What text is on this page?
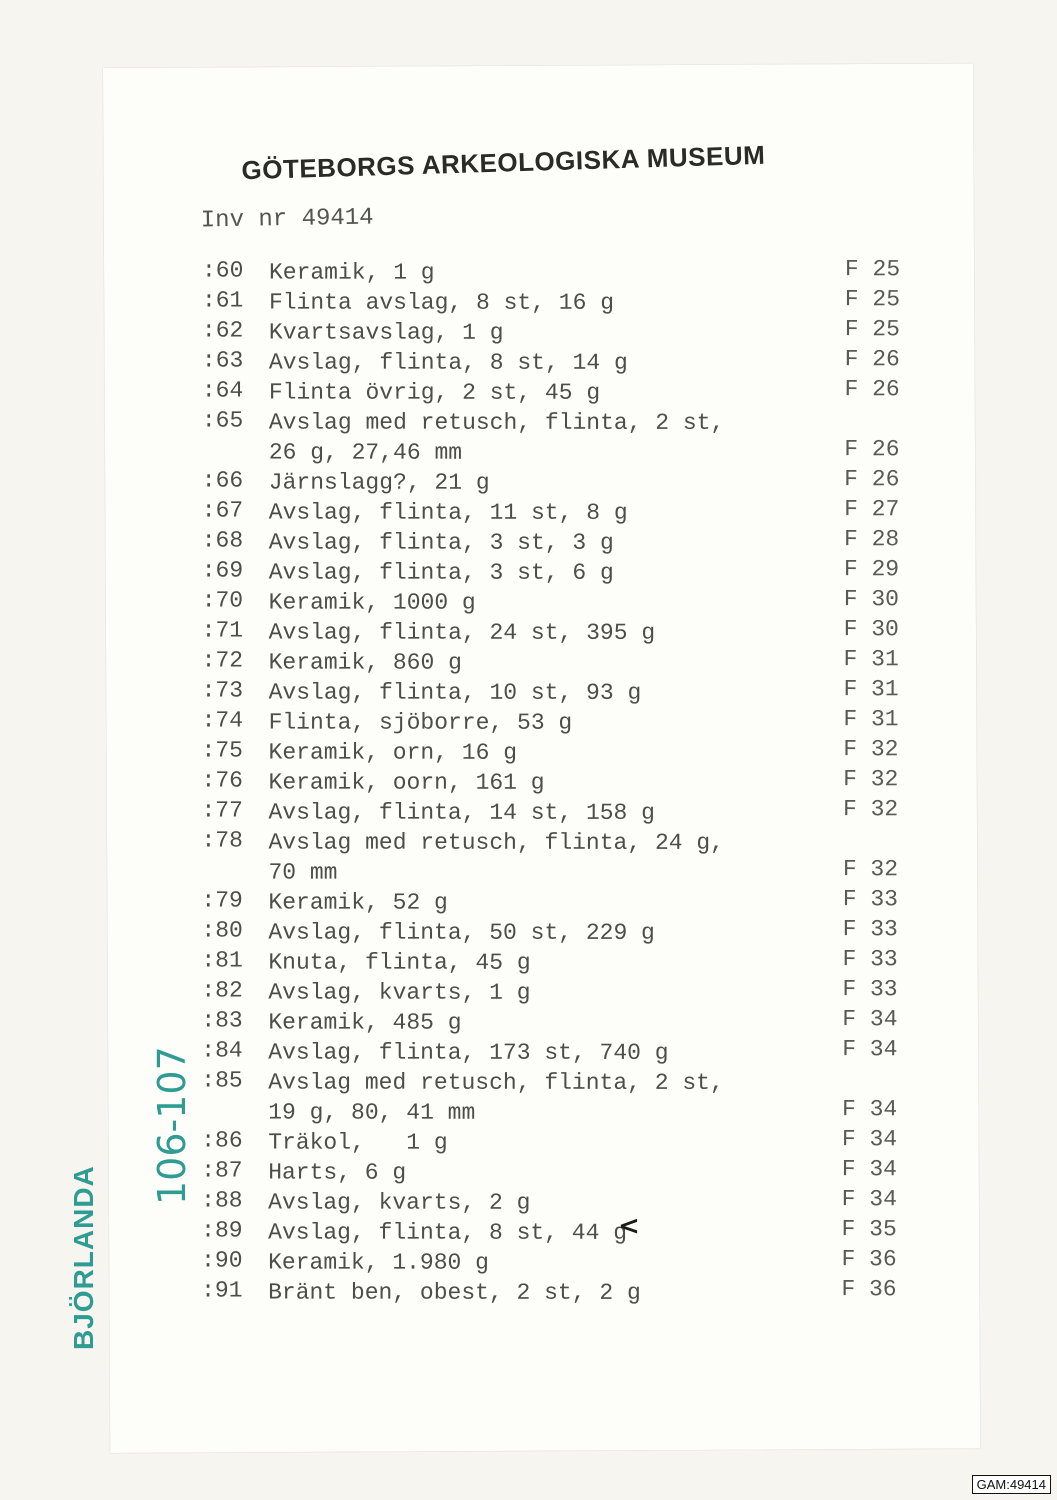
GÖTEBORGS ARKEOLOGISKA MUSEUM
Inv nr 49414
:60 Keramik, 1 g
:61 Flinta avslag, 8 st, 16 g
:62 Kvartsavslag, 1 g
:63 Avslag, flinta, 8 st, 14 g
:64 Flinta övrig, 2 st, 45 g
:65 Avslag med retusch, flinta, 2 st,
26 g, 27,46 mm
:66 Järnslagg?, 21 g
:67 Avslag, flinta, 11 st, 8 g
:68 Avslag, flinta, 3 st, 3 g
:69 Avslag, flinta, 3 st, 6 g
:70 Keramik, 1000 g
:71 Avslag, flinta, 24 st, 395 g
:72 Keramik, 860 g
:73 Avslag, flinta, 10 st, 93 g
:74 Flinta, sjöborre, 53 g
:75 Keramik, orn, 16 g
:76 Keramik, oorn, 161 g
:77 Avslag, flinta, 14 st, 158 g
:78 Avslag med retusch, flinta, 24 g,
70 mm
:79 Keramik, 52 g
:80 Avslag, flinta, 50 st, 229 g
:81 Knuta, flinta, 45 g
:82 Avslag, kvarts, 1 g
:83 Keramik, 485 g
:84 Avslag, flinta, 173 st, 740 g
:85 Avslag med retusch, flinta, 2 st,
19 g, 80, 41 mm
:86 Träkol,   1 g
:87 Harts, 6 g
:88 Avslag, kvarts, 2 g
:89 Avslag, flinta, 8 st, 44 g
:90 Keramik, 1.980 g
:91 Bränt ben, obest, 2 st, 2 g
F 25
F 25
F 25
F 26
F 26
F 26
F 26
F 27
F 28
F 29
F 30
F 30
F 31
F 31
F 31
F 32
F 32
F 32
F 32
F 33
F 33
F 33
F 33
F 34
F 34
F 34
F 34
F 34
F 34
F 35
F 36
F 36
<
BJÖRLANDA
106-107
GAM:49414
